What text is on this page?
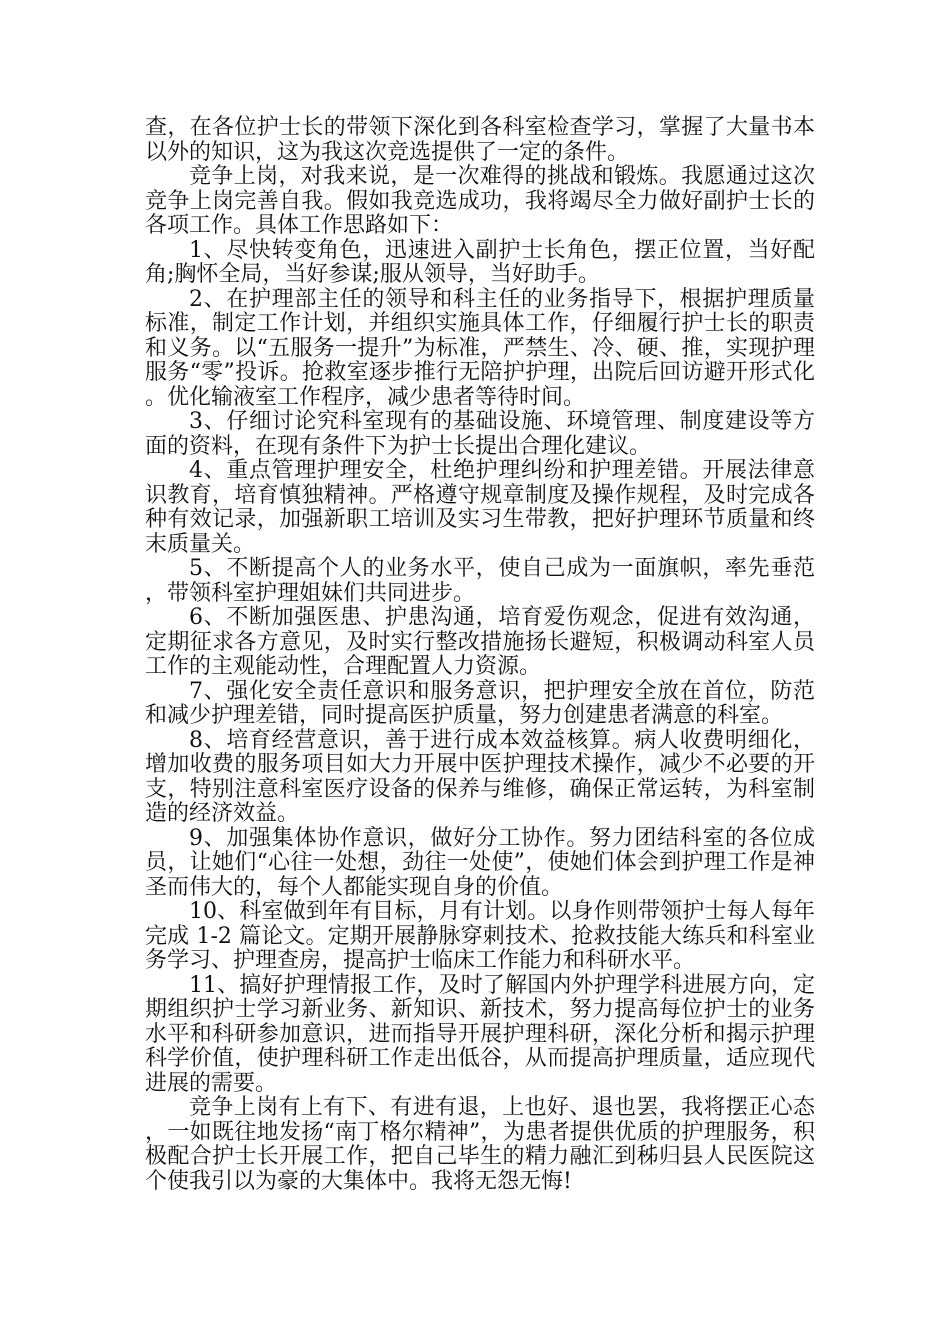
查，在各位护士长的带领下深化到各科室检查学习，掌握了大量书本以外的知识，这为我这次竞选提供了一定的条件。

竞争上岗，对我来说，是一次难得的挑战和锻炼。我愿通过这次竞争上岗完善自我。假如我竞选成功，我将竭尽全力做好副护士长的各项工作。具体工作思路如下：

1、尽快转变角色，迅速进入副护士长角色，摆正位置，当好配角;胸怀全局，当好参谋;服从领导，当好助手。

2、在护理部主任的领导和科主任的业务指导下，根据护理质量标准，制定工作计划，并组织实施具体工作，仔细履行护士长的职责和义务。以“五服务一提升”为标准，严禁生、冷、硬、推，实现护理服务“零”投诉。抢救室逐步推行无陪护护理，出院后回访避开形式化。优化输液室工作程序，减少患者等待时间。

3、仔细讨论究科室现有的基础设施、环境管理、制度建设等方面的资料，在现有条件下为护士长提出合理化建议。

4、重点管理护理安全，杜绝护理纠纷和护理差错。开展法律意识教育，培育慎独精神。严格遵守规章制度及操作规程，及时完成各种有效记录，加强新职工培训及实习生带教，把好护理环节质量和终末质量关。

5、不断提高个人的业务水平，使自己成为一面旗帜，率先垂范，带领科室护理姐妹们共同进步。

6、不断加强医患、护患沟通，培育爱伤观念，促进有效沟通，定期征求各方意见，及时实行整改措施扬长避短，积极调动科室人员工作的主观能动性，合理配置人力资源。

7、强化安全责任意识和服务意识，把护理安全放在首位，防范和减少护理差错，同时提高医护质量，努力创建患者满意的科室。

8、培育经营意识，善于进行成本效益核算。病人收费明细化，增加收费的服务项目如大力开展中医护理技术操作，减少不必要的开支，特别注意科室医疗设备的保养与维修，确保正常运转，为科室制造的经济效益。

9、加强集体协作意识，做好分工协作。努力团结科室的各位成员，让她们“心往一处想，劲往一处使”，使她们体会到护理工作是神圣而伟大的，每个人都能实现自身的价值。

10、科室做到年有目标，月有计划。以身作则带领护士每人每年完成 1-2 篇论文。定期开展静脉穿刺技术、抢救技能大练兵和科室业务学习、护理查房，提高护士临床工作能力和科研水平。

11、搞好护理情报工作，及时了解国内外护理学科进展方向，定期组织护士学习新业务、新知识、新技术，努力提高每位护士的业务水平和科研参加意识，进而指导开展护理科研，深化分析和揭示护理科学价值，使护理科研工作走出低谷，从而提高护理质量，适应现代进展的需要。

竞争上岗有上有下、有进有退，上也好、退也罢，我将摆正心态，一如既往地发扬“南丁格尔精神”，为患者提供优质的护理服务，积极配合护士长开展工作，把自己毕生的精力融汇到秭归县人民医院这个使我引以为豪的大集体中。我将无怨无悔!
